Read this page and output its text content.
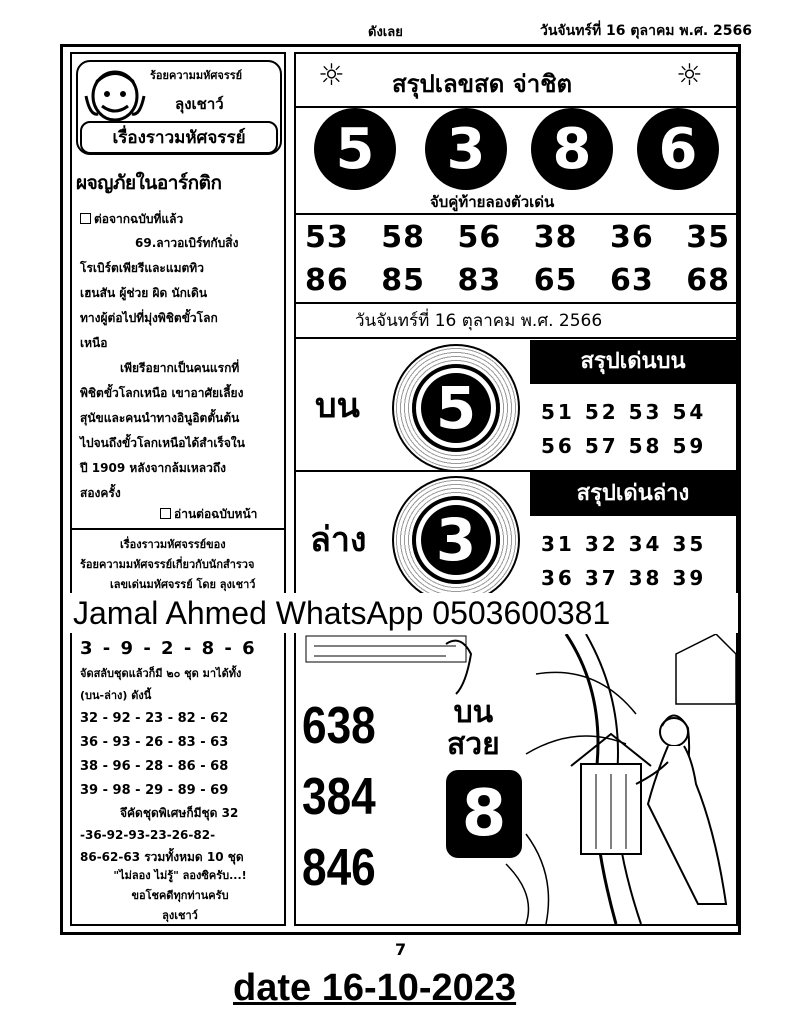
ดังเลย	วันจันทร์ที่ 16 ตุลาคม พ.ศ. 2566
ร้อยความมหัศจรรย์
ลุงเชาว์
เรื่องราวมหัศจรรย์
ผจญภัยในอาร์กติก
ต่อจากฉบับที่แล้ว
69.ลาวอเบิร์ทกับสิ่ง
โรเบิร์ตเพียรีและแมตทิว
เฮนสัน ผู้ช่วย ผิด นักเดิน
ทางผู้ต่อไปที่มุ่งพิชิตขั้วโลก
เหนือ
เพียรีอยากเป็นคนแรกที่
พิชิตขั้วโลกเหนือ เขาอาศัยเลี้ยง
สุนัขและคนนำทางอินูอิตตั้นต้น
ไปจนถึงขั้วโลกเหนือได้สำเร็จใน
ปี 1909 หลังจากล้มเหลวถึง
สองครั้ง
อ่านต่อฉบับหน้า
เรื่องราวมหัศจรรย์ของ
ร้อยความมหัศจรรย์เกี่ยวกับนักสำรวจ
เลขเด่นมหัศจรรย์ โดย ลุงเชาว์
3 - 9 - 2 - 8 - 6
จัดสลับชุดแล้วก็มี ๒๐ ชุด มาได้ทั้ง
(บน-ล่าง) ดังนี้
32 - 92 - 23 - 82 - 62
36 - 93 - 26 - 83 - 63
38 - 96 - 28 - 86 - 68
39 - 98 - 29 - 89 - 69
จึคัดชุดพิเศษก็มีชุด 32
-36-92-93-23-26-82-
86-62-63 รวมทั้งหมด 10 ชุด
"ไม่ลอง ไม่รู้" ลองซิครับ...!
ขอโชคดีทุกท่านครับ
ลุงเชาว์
☼	☼
สรุปเลขสด จ่าชิต
5	3	8	6
จับคู่ท้ายลองตัวเด่น
53 58 56 38 36 35
86 85 83 65 63 68
วันจันทร์ที่ 16 ตุลาคม พ.ศ. 2566
บน 5
สรุปเด่นบน
51 52 53 54
56 57 58 59
ล่าง 3
สรุปเด่นล่าง
31 32 34 35
36 37 38 39
Jamal Ahmed WhatsApp 0503600381
638
384
846
บน
สวย
8
7
date 16-10-2023
